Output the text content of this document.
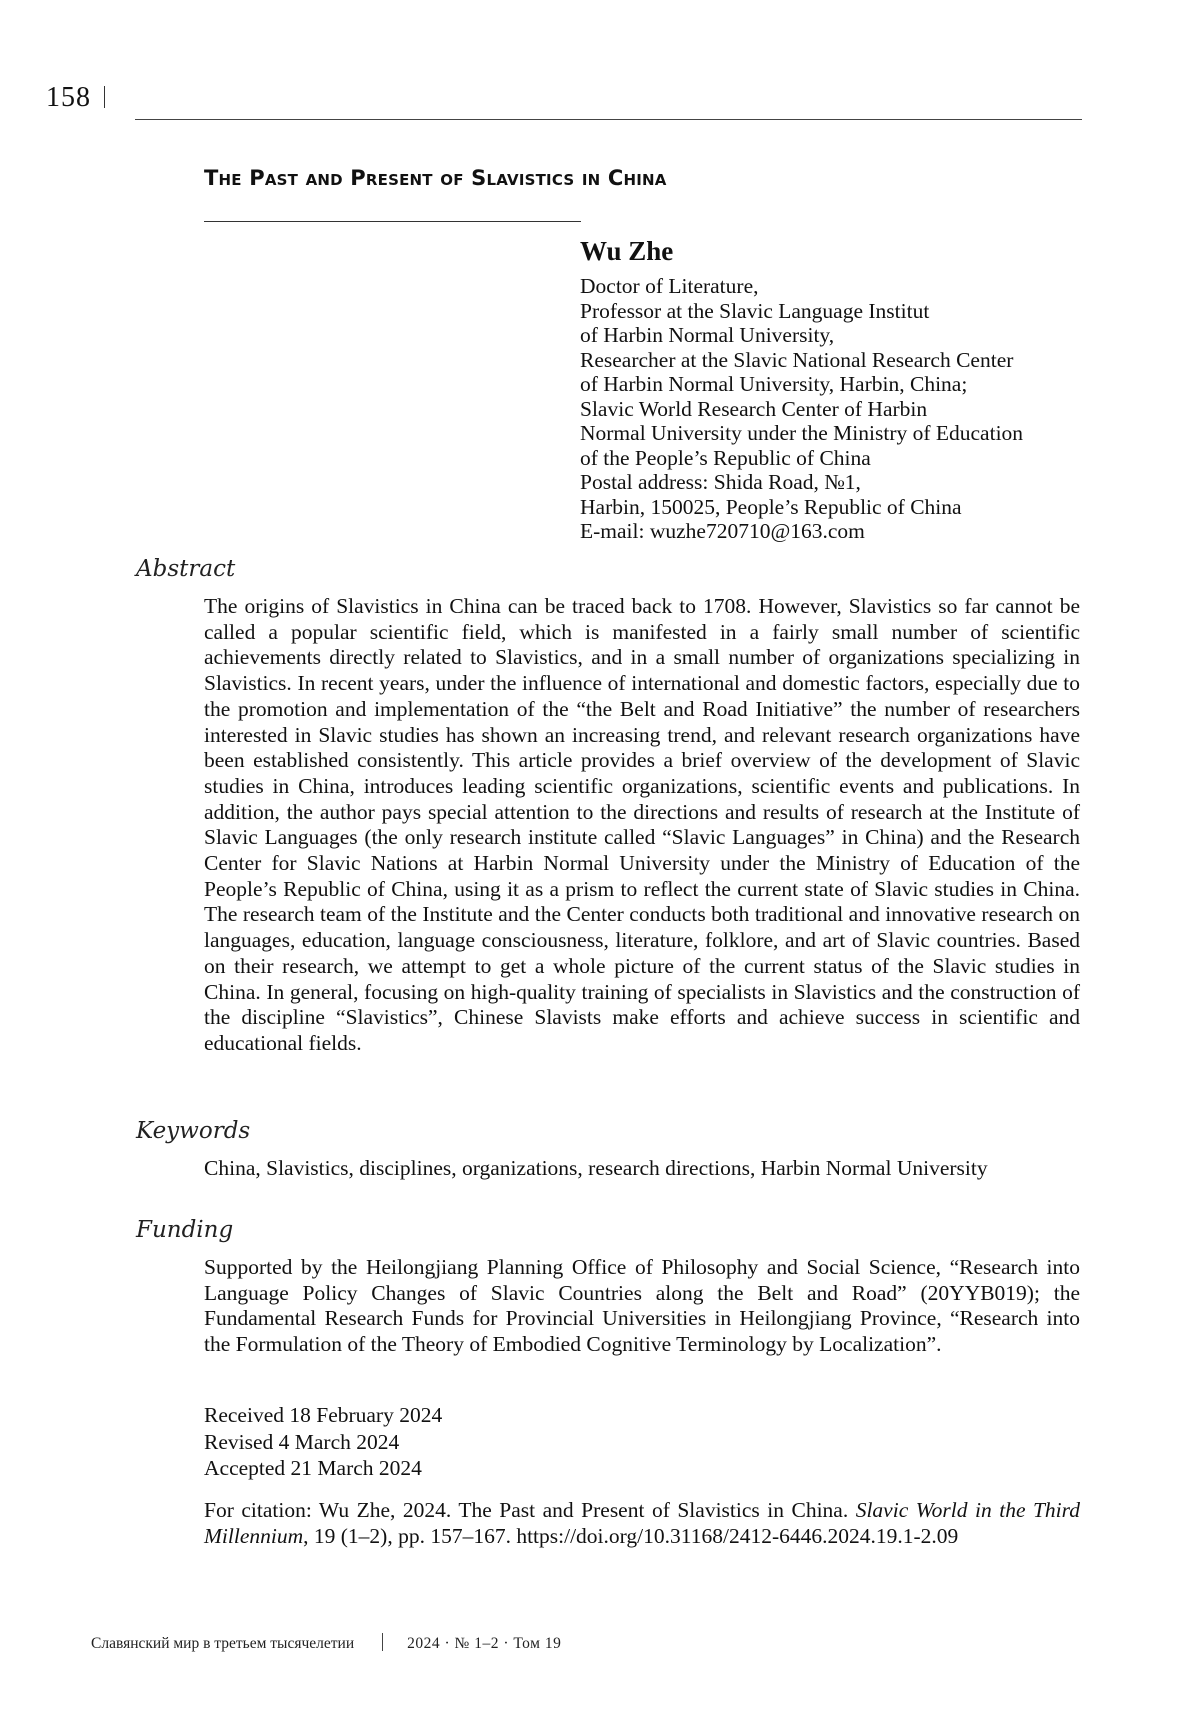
158
The Past and Present of Slavistics in China
Wu Zhe
Doctor of Literature,
Professor at the Slavic Language Institut
of Harbin Normal University,
Researcher at the Slavic National Research Center
of Harbin Normal University, Harbin, China;
Slavic World Research Center of Harbin
Normal University under the Ministry of Education
of the People’s Republic of China
Postal address: Shida Road, №1,
Harbin, 150025, People’s Republic of China
E-mail: wuzhe720710@163.com
Abstract

The origins of Slavistics in China can be traced back to 1708. However, Slavistics so far cannot be called a popular scientific field, which is manifested in a fairly small number of scientific achievements directly related to Slavistics, and in a small number of organizations specializing in Slavistics. In recent years, under the influence of international and domestic factors, especially due to the promotion and implementation of the “the Belt and Road Initiative” the number of researchers interested in Slavic studies has shown an increasing trend, and relevant research organizations have been established consistently. This article provides a brief overview of the development of Slavic studies in China, introduces leading scientific organizations, scientific events and publications. In addition, the author pays special attention to the directions and results of research at the Institute of Slavic Languages (the only research institute called “Slavic Languages” in China) and the Research Center for Slavic Nations at Harbin Normal University under the Ministry of Education of the People’s Republic of China, using it as a prism to reflect the current state of Slavic studies in China. The research team of the Institute and the Center conducts both traditional and innovative research on languages, education, language consciousness, literature, folklore, and art of Slavic countries. Based on their research, we attempt to get a whole picture of the current status of the Slavic studies in China. In general, focusing on high-quality training of specialists in Slavistics and the construction of the discipline “Slavistics”, Chinese Slavists make efforts and achieve success in scientific and educational fields.

Keywords

China, Slavistics, disciplines, organizations, research directions, Harbin Normal University

Funding

Supported by the Heilongjiang Planning Office of Philosophy and Social Science, “Research into Language Policy Changes of Slavic Countries along the Belt and Road” (20YYB019); the Fundamental Research Funds for Provincial Universities in Heilongjiang Province, “Research into the Formulation of the Theory of Embodied Cognitive Terminology by Localization”.

Received 18 February 2024
Revised 4 March 2024
Accepted 21 March 2024

For citation: Wu Zhe, 2024. The Past and Present of Slavistics in China. Slavic World in the Third Millennium, 19 (1–2), pp. 157–167. https://doi.org/10.31168/2412-6446.2024.19.1-2.09

Славянский мир в третьем тысячелетии	2024 · № 1–2 · Том 19
